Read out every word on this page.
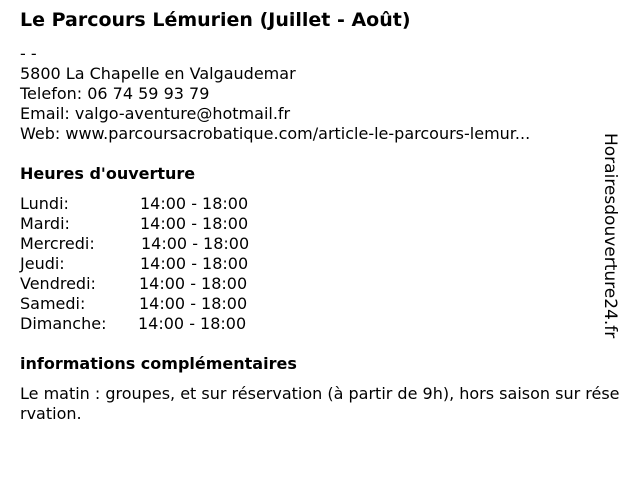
Le Parcours Lémurien (Juillet - Août)
- -
5800 La Chapelle en Valgaudemar
Telefon: 06 74 59 93 79
Email: valgo-aventure@hotmail.fr
Web: www.parcoursacrobatique.com/article-le-parcours-lemur...
Heures d'ouverture
Lundi:	14:00 - 18:00
Mardi:	14:00 - 18:00
Mercredi:	14:00 - 18:00
Jeudi:	14:00 - 18:00
Vendredi:	14:00 - 18:00
Samedi:	14:00 - 18:00
Dimanche: 14:00 - 18:00
informations complémentaires
Le matin : groupes, et sur réservation (à partir de 9h), hors saison sur réservation.
Horairesdouverture24.fr
